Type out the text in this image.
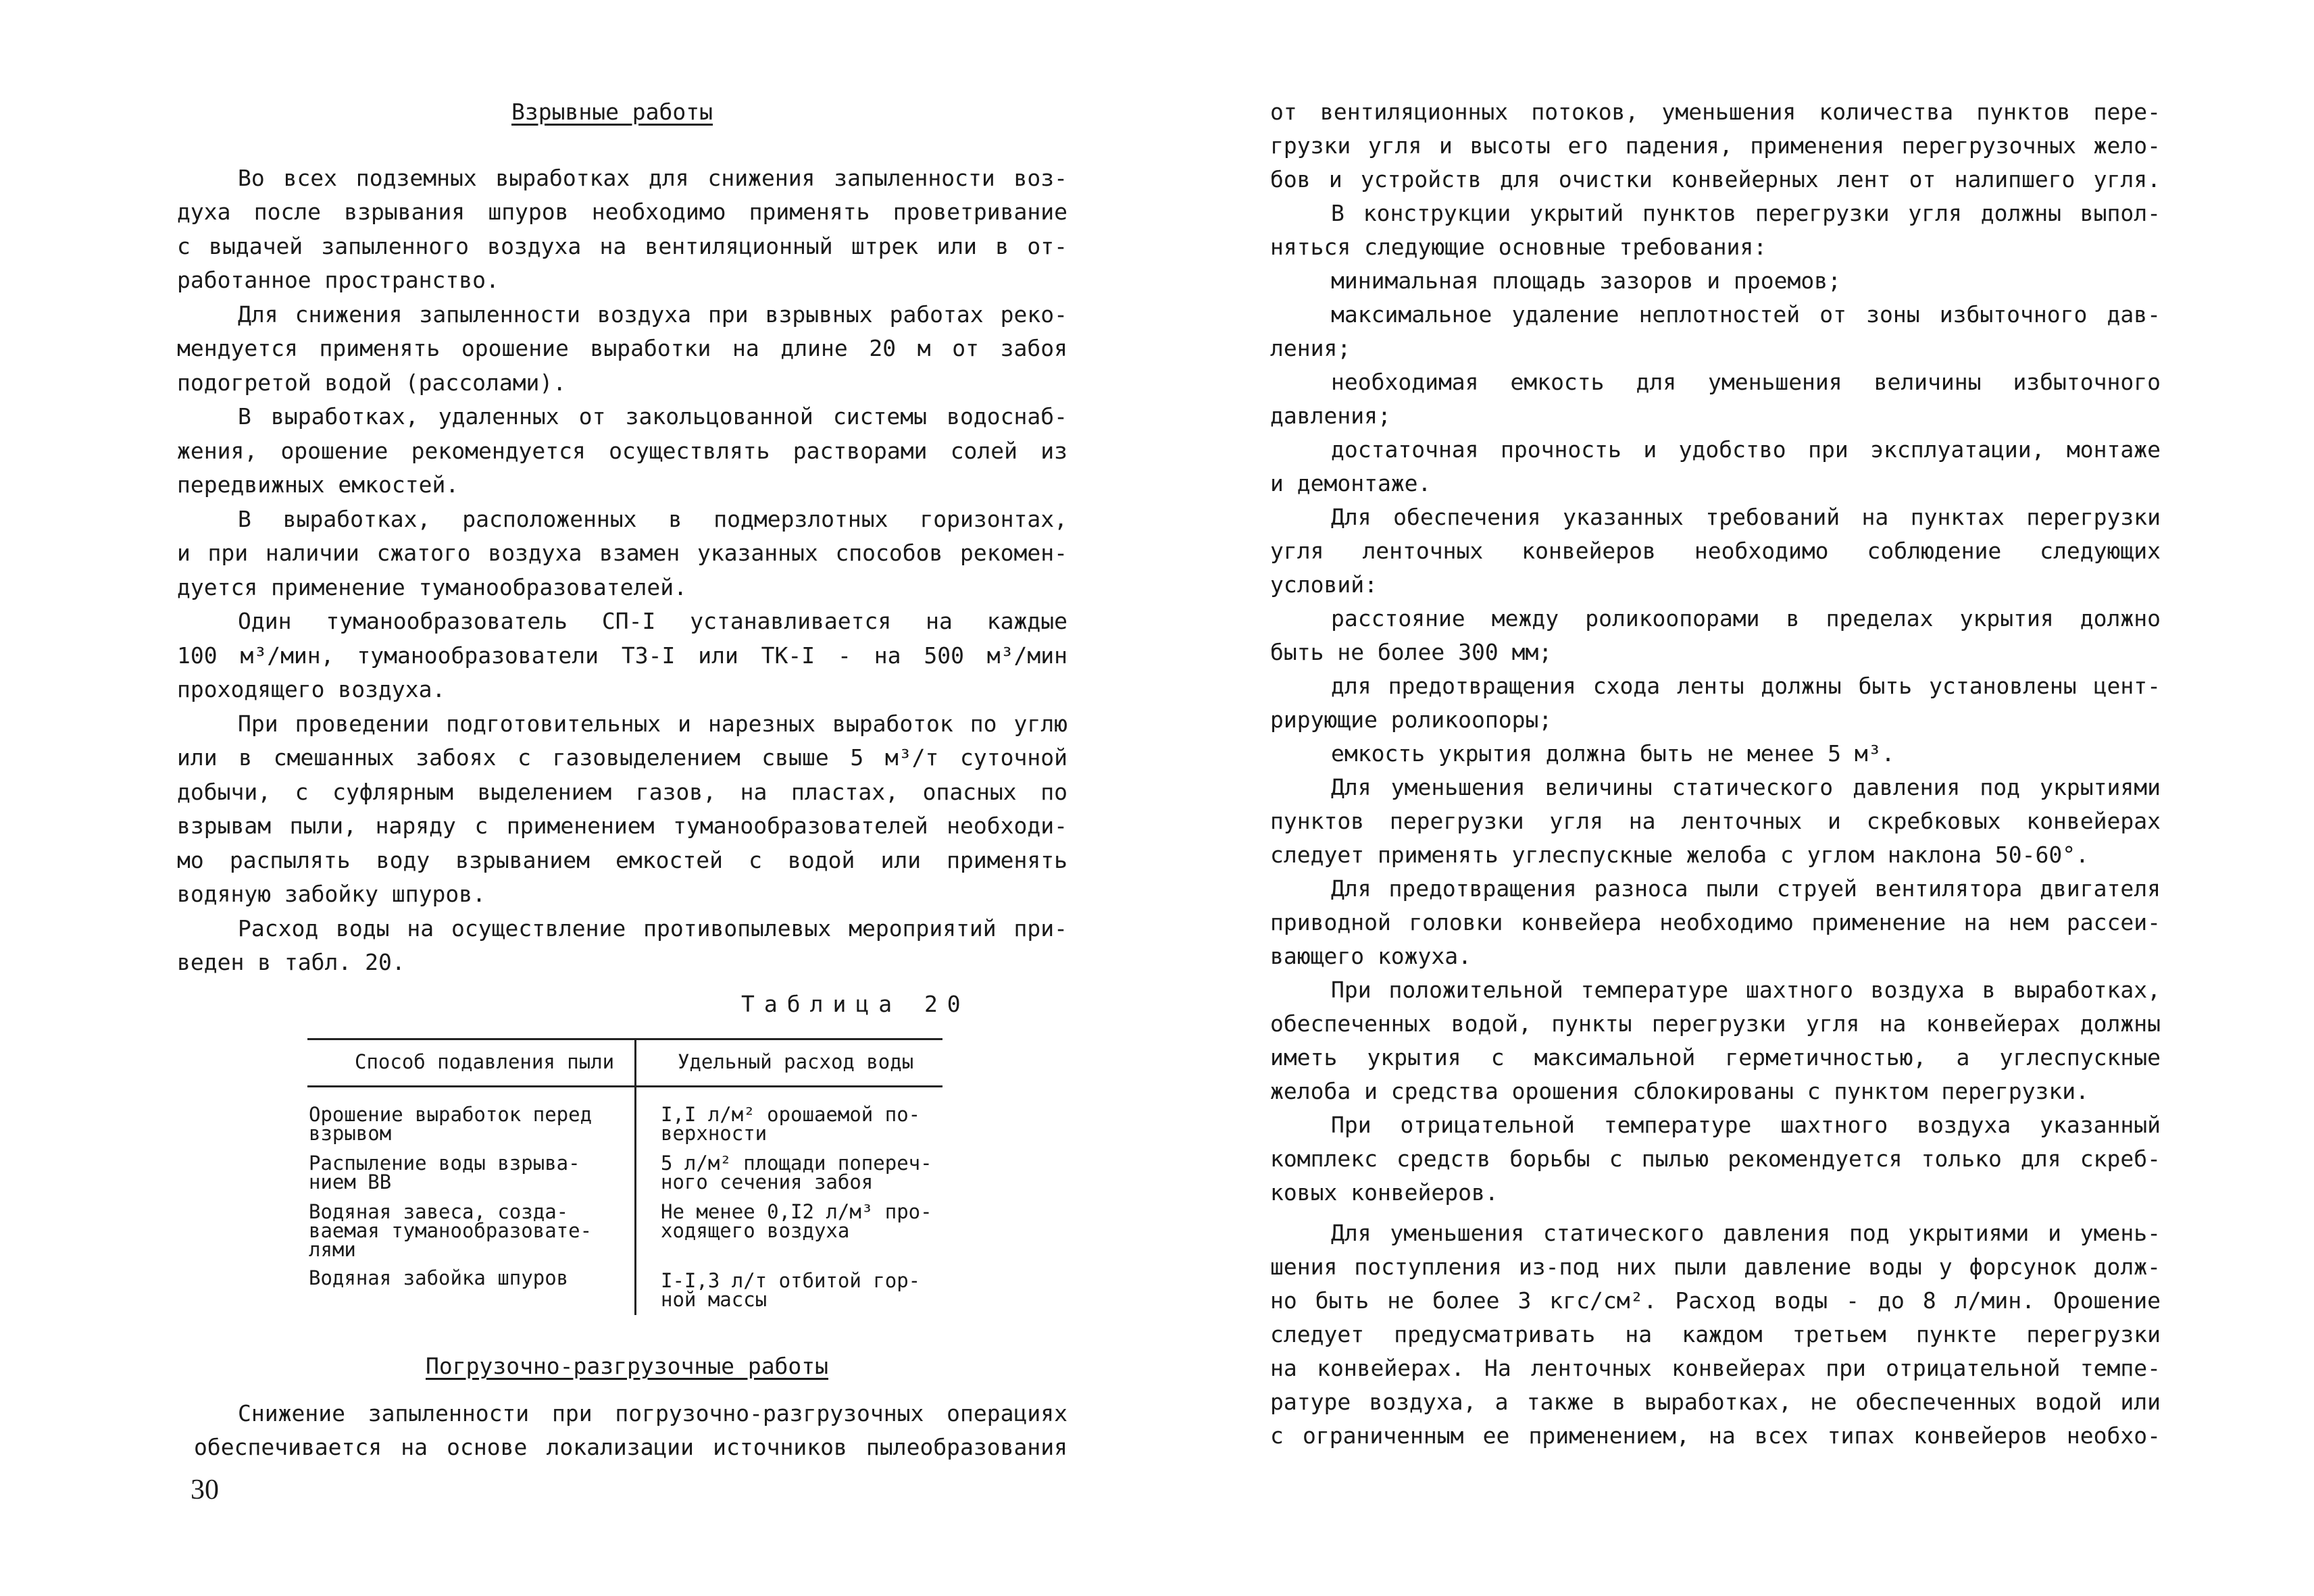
Взрывные работы
Во всех подземных выработках для снижения запыленности воз-
духа после взрывания шпуров необходимо применять проветривание
с выдачей запыленного воздуха на вентиляционный штрек или в от-
работанное пространство.
Для снижения запыленности воздуха при взрывных работах реко-
мендуется применять орошение выработки на длине 20 м от забоя
подогретой водой (рассолами).
В выработках, удаленных от закольцованной системы водоснаб-
жения, орошение рекомендуется осуществлять растворами солей из
передвижных емкостей.
В выработках, расположенных в подмерзлотных горизонтах,
и при наличии сжатого воздуха взамен указанных способов рекомен-
дуется применение туманообразователей.
Один туманообразователь СП-I устанавливается на каждые
100 м³/мин, туманообразователи ТЗ-I или ТК-I - на 500 м³/мин
проходящего воздуха.
При проведении подготовительных и нарезных выработок по углю
или в смешанных забоях с газовыделением свыше 5 м³/т суточной
добычи, с суфлярным выделением газов, на пластах, опасных по
взрывам пыли, наряду с применением туманообразователей необходи-
мо распылять воду взрыванием емкостей с водой или применять
водяную забойку шпуров.
Расход воды на осуществление противопылевых мероприятий при-
веден в табл. 20.
Таблица 20
Способ подавления пыли	Удельный расход воды
Орошение выработок перед
взрывом
I,I л/м² орошаемой по-
верхности
Распыление воды взрыва-
нием ВВ
5 л/м² площади попереч-
ного сечения забоя
Водяная завеса, созда-
ваемая туманообразовате-
лями
Не менее 0,I2 л/м³ про-
ходящего воздуха
Водяная забойка шпуров	I-I,3 л/т отбитой гор-
ной массы
Погрузочно-разгрузочные работы
Снижение запыленности при погрузочно-разгрузочных операциях
обеспечивается на основе локализации источников пылеобразования
30
от вентиляционных потоков, уменьшения количества пунктов пере-
грузки угля и высоты его падения, применения перегрузочных жело-
бов и устройств для очистки конвейерных лент от налипшего угля.
В конструкции укрытий пунктов перегрузки угля должны выпол-
няться следующие основные требования:
минимальная площадь зазоров и проемов;
максимальное удаление неплотностей от зоны избыточного дав-
ления;
необходимая емкость для уменьшения величины избыточного
давления;
достаточная прочность и удобство при эксплуатации, монтаже
и демонтаже.
Для обеспечения указанных требований на пунктах перегрузки
угля ленточных конвейеров необходимо соблюдение следующих
условий:
расстояние между роликоопорами в пределах укрытия должно
быть не более 300 мм;
для предотвращения схода ленты должны быть установлены цент-
рирующие роликоопоры;
емкость укрытия должна быть не менее 5 м³.
Для уменьшения величины статического давления под укрытиями
пунктов перегрузки угля на ленточных и скребковых конвейерах
следует применять углеспускные желоба с углом наклона 50-60°.
Для предотвращения разноса пыли струей вентилятора двигателя
приводной головки конвейера необходимо применение на нем рассеи-
вающего кожуха.
При положительной температуре шахтного воздуха в выработках,
обеспеченных водой, пункты перегрузки угля на конвейерах должны
иметь укрытия с максимальной герметичностью, а углеспускные
желоба и средства орошения сблокированы с пунктом перегрузки.
При отрицательной температуре шахтного воздуха указанный
комплекс средств борьбы с пылью рекомендуется только для скреб-
ковых конвейеров.
Для уменьшения статического давления под укрытиями и умень-
шения поступления из-под них пыли давление воды у форсунок долж-
но быть не более 3 кгс/см². Расход воды - до 8 л/мин. Орошение
следует предусматривать на каждом третьем пункте перегрузки
на конвейерах. На ленточных конвейерах при отрицательной темпе-
ратуре воздуха, а также в выработках, не обеспеченных водой или
с ограниченным ее применением, на всех типах конвейеров необхо-
